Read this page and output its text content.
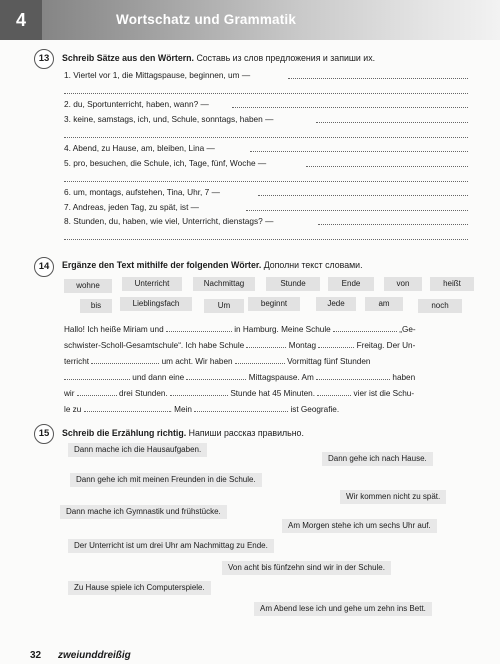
4	Wortschatz und Grammatik
13	Schreib Sätze aus den Wörtern. Составь из слов предложения и запиши их.
1. Viertel vor 1, die Mittagspause, beginnen, um —
2. du, Sportunterricht, haben, wann? —
3. keine, samstags, ich, und, Schule, sonntags, haben —
4. Abend, zu Hause, am, bleiben, Lina —
5. pro, besuchen, die Schule, ich, Tage, fünf, Woche —
6. um, montags, aufstehen, Tina, Uhr, 7 —
7. Andreas, jeden Tag, zu spät, ist —
8. Stunden, du, haben, wie viel, Unterricht, dienstags? —
14	Ergänze den Text mithilfe der folgenden Wörter. Дополни текст словами.
wohne	Unterricht	Nachmittag	Stunde	Ende	von	heißt
bis	Lieblingsfach	Um	beginnt	Jede	am	noch
Hallo! Ich heiße Miriam und	in Hamburg. Meine Schule	„Ge-
schwister-Scholl-Gesamtschule“. Ich habe Schule	Montag	Freitag. Der Un-
terricht	um acht. Wir haben	Vormittag fünf Stunden
und dann eine	Mittagspause. Am	haben
wir	drei Stunden.	Stunde hat 45 Minuten.	vier ist die Schu-
le zu	. Mein	ist Geografie.
15	Schreib die Erzählung richtig. Напиши рассказ правильно.
Dann mache ich die Hausaufgaben.
Dann gehe ich nach Hause.
Dann gehe ich mit meinen Freunden in die Schule.
Wir kommen nicht zu spät.
Dann mache ich Gymnastik und frühstücke.
Am Morgen stehe ich um sechs Uhr auf.
Der Unterricht ist um drei Uhr am Nachmittag zu Ende.
Von acht bis fünfzehn sind wir in der Schule.
Zu Hause spiele ich Computerspiele.
Am Abend lese ich und gehe um zehn ins Bett.
32 zweiunddreißig
